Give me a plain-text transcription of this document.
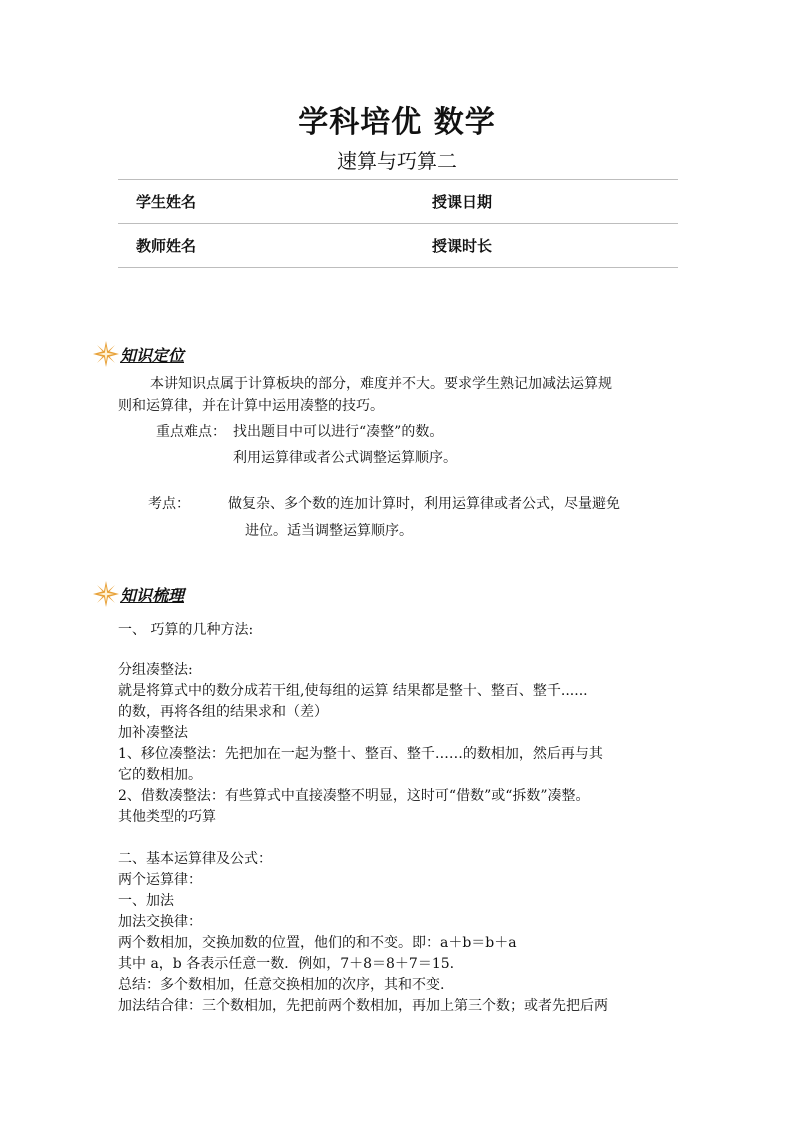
学科培优 数学
速算与巧算二
学生姓名	授课日期
教师姓名	授课时长
知识定位
本讲知识点属于计算板块的部分，难度并不大。要求学生熟记加减法运算规
则和运算律，并在计算中运用凑整的技巧。
重点难点： 找出题目中可以进行“凑整”的数。
利用运算律或者公式调整运算顺序。
考点：	做复杂、多个数的连加计算时，利用运算律或者公式，尽量避免
进位。适当调整运算顺序。
知识梳理
一、 巧算的几种方法:
分组凑整法:
就是将算式中的数分成若干组,使每组的运算 结果都是整十、整百、整千......
的数，再将各组的结果求和（差）
加补凑整法
1、移位凑整法：先把加在一起为整十、整百、整千……的数相加，然后再与其
它的数相加。
2、借数凑整法：有些算式中直接凑整不明显，这时可“借数”或“拆数”凑整。
其他类型的巧算
二、基本运算律及公式：
两个运算律：
一、加法
加法交换律：
两个数相加，交换加数的位置，他们的和不变。即：a＋b＝b＋a
其中 a，b 各表示任意一数．例如，7＋8＝8＋7＝15.
总结：多个数相加，任意交换相加的次序，其和不变.
加法结合律：三个数相加，先把前两个数相加，再加上第三个数；或者先把后两
